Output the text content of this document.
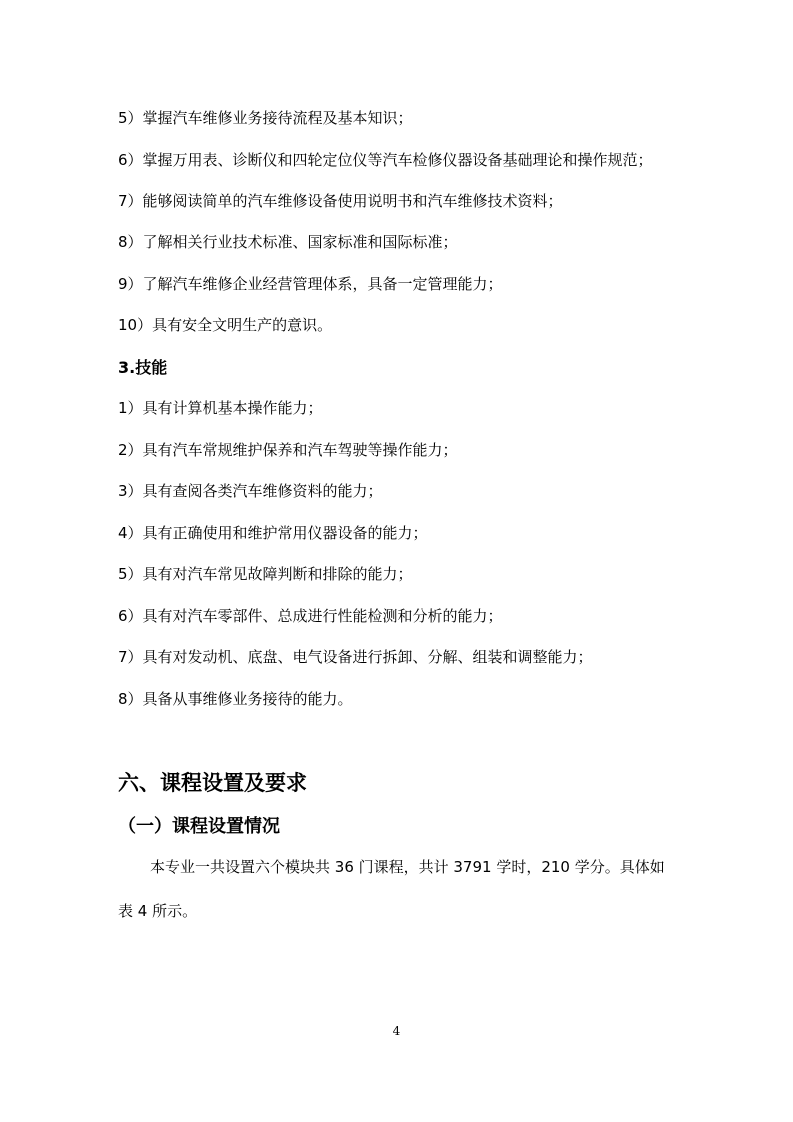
5）掌握汽车维修业务接待流程及基本知识；

6）掌握万用表、诊断仪和四轮定位仪等汽车检修仪器设备基础理论和操作规范；

7）能够阅读简单的汽车维修设备使用说明书和汽车维修技术资料；

8）了解相关行业技术标准、国家标准和国际标准；

9）了解汽车维修企业经营管理体系，具备一定管理能力；

10）具有安全文明生产的意识。

3.技能

1）具有计算机基本操作能力；

2）具有汽车常规维护保养和汽车驾驶等操作能力；

3）具有查阅各类汽车维修资料的能力；

4）具有正确使用和维护常用仪器设备的能力；

5）具有对汽车常见故障判断和排除的能力；

6）具有对汽车零部件、总成进行性能检测和分析的能力；

7）具有对发动机、底盘、电气设备进行拆卸、分解、组装和调整能力；

8）具备从事维修业务接待的能力。

六、课程设置及要求
（一）课程设置情况
本专业一共设置六个模块共 36 门课程，共计 3791 学时，210 学分。具体如
表 4 所示。
4
